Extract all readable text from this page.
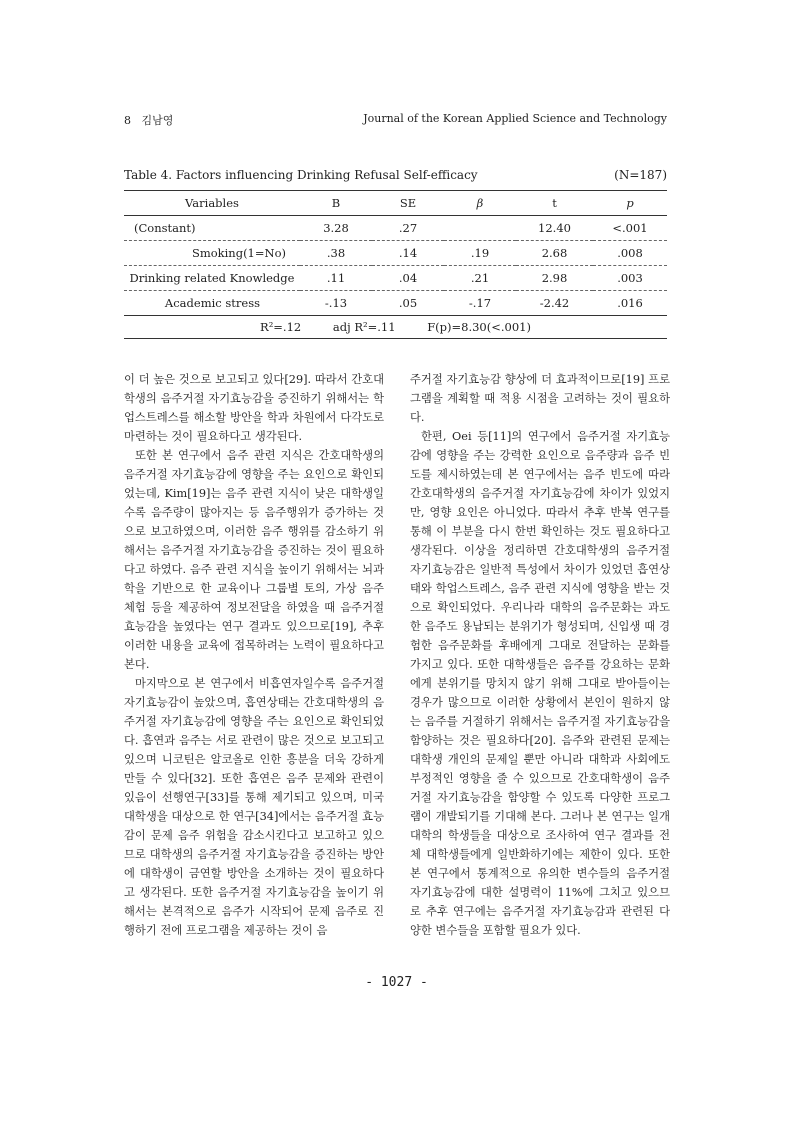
8 김남영	Journal of the Korean Applied Science and Technology
Table 4. Factors influencing Drinking Refusal Self-efficacy	(N=187)
Variables	B	SE	β	t	p
(Constant)	3.28	.27		12.40	<.001
Smoking(1=No)	.38	.14	.19	2.68	.008
Drinking related Knowledge	.11	.04	.21	2.98	.003
Academic stress	-.13	.05	-.17	-2.42	.016
R²=.12 adj R²=.11 F(p)=8.30(<.001)					

이 더 높은 것으로 보고되고 있다[29]. 따라서 간호대학생의 음주거절 자기효능감을 증진하기 위해서는 학업스트레스를 해소할 방안을 학과 차원에서 다각도로 마련하는 것이 필요하다고 생각된다.

또한 본 연구에서 음주 관련 지식은 간호대학생의 음주거절 자기효능감에 영향을 주는 요인으로 확인되었는데, Kim[19]는 음주 관련 지식이 낮은 대학생일수록 음주량이 많아지는 등 음주행위가 증가하는 것으로 보고하였으며, 이러한 음주 행위를 감소하기 위해서는 음주거절 자기효능감을 증진하는 것이 필요하다고 하였다. 음주 관련 지식을 높이기 위해서는 뇌과학을 기반으로 한 교육이나 그룹별 토의, 가상 음주 체험 등을 제공하여 정보전달을 하였을 때 음주거절 효능감을 높였다는 연구 결과도 있으므로[19], 추후 이러한 내용을 교육에 접목하려는 노력이 필요하다고 본다.

마지막으로 본 연구에서 비흡연자일수록 음주거절 자기효능감이 높았으며, 흡연상태는 간호대학생의 음주거절 자기효능감에 영향을 주는 요인으로 확인되었다. 흡연과 음주는 서로 관련이 많은 것으로 보고되고 있으며 니코틴은 알코올로 인한 흥분을 더욱 강하게 만들 수 있다[32]. 또한 흡연은 음주 문제와 관련이 있음이 선행연구[33]를 통해 제기되고 있으며, 미국 대학생을 대상으로 한 연구[34]에서는 음주거절 효능감이 문제 음주 위험을 감소시킨다고 보고하고 있으므로 대학생의 음주거절 자기효능감을 증진하는 방안에 대학생이 금연할 방안을 소개하는 것이 필요하다고 생각된다. 또한 음주거절 자기효능감을 높이기 위해서는 본격적으로 음주가 시작되어 문제 음주로 진행하기 전에 프로그램을 제공하는 것이 음

주거절 자기효능감 향상에 더 효과적이므로[19] 프로그램을 계획할 때 적용 시점을 고려하는 것이 필요하다.

한편, Oei 등[11]의 연구에서 음주거절 자기효능감에 영향을 주는 강력한 요인으로 음주량과 음주 빈도를 제시하였는데 본 연구에서는 음주 빈도에 따라 간호대학생의 음주거절 자기효능감에 차이가 있었지만, 영향 요인은 아니었다. 따라서 추후 반복 연구를 통해 이 부분을 다시 한번 확인하는 것도 필요하다고 생각된다. 이상을 정리하면 간호대학생의 음주거절 자기효능감은 일반적 특성에서 차이가 있었던 흡연상태와 학업스트레스, 음주 관련 지식에 영향을 받는 것으로 확인되었다. 우리나라 대학의 음주문화는 과도한 음주도 용납되는 분위기가 형성되며, 신입생 때 경험한 음주문화를 후배에게 그대로 전달하는 문화를 가지고 있다. 또한 대학생들은 음주를 강요하는 문화에게 분위기를 망치지 않기 위해 그대로 받아들이는 경우가 많으므로 이러한 상황에서 본인이 원하지 않는 음주를 거절하기 위해서는 음주거절 자기효능감을 함양하는 것은 필요하다[20]. 음주와 관련된 문제는 대학생 개인의 문제일 뿐만 아니라 대학과 사회에도 부정적인 영향을 줄 수 있으므로 간호대학생이 음주거절 자기효능감을 함양할 수 있도록 다양한 프로그램이 개발되기를 기대해 본다. 그러나 본 연구는 일개 대학의 학생들을 대상으로 조사하여 연구 결과를 전체 대학생들에게 일반화하기에는 제한이 있다. 또한 본 연구에서 통계적으로 유의한 변수들의 음주거절 자기효능감에 대한 설명력이 11%에 그치고 있으므로 추후 연구에는 음주거절 자기효능감과 관련된 다양한 변수들을 포함할 필요가 있다.

- 1027 -
